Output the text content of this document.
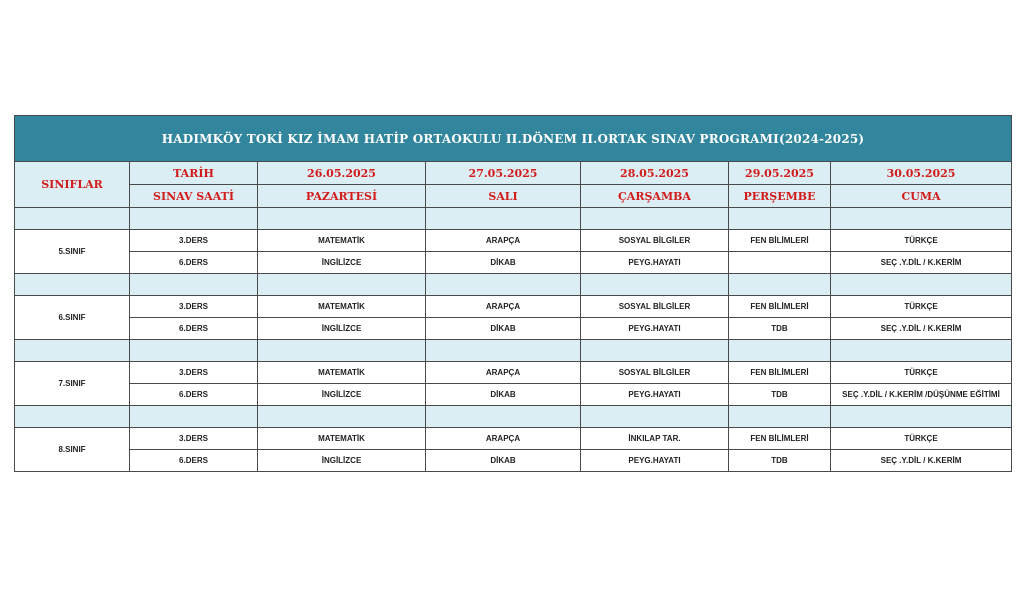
HADIMKÖY TOKİ KIZ İMAM HATİP ORTAOKULU II.DÖNEM II.ORTAK SINAV PROGRAMI(2024-2025)						
SINIFLAR	TARİH	26.05.2025	27.05.2025	28.05.2025	29.05.2025	30.05.2025
	SINAV SAATİ	PAZARTESİ	SALI	ÇARŞAMBA	PERŞEMBE	CUMA

5.SINIF	3.DERS	MATEMATİK	ARAPÇA	SOSYAL BİLGİLER	FEN BİLİMLERİ	TÜRKÇE
	6.DERS	İNGİLİZCE	DİKAB	PEYG.HAYATI		SEÇ .Y.DİL / K.KERİM

6.SINIF	3.DERS	MATEMATİK	ARAPÇA	SOSYAL BİLGİLER	FEN BİLİMLERİ	TÜRKÇE
	6.DERS	İNGİLİZCE	DİKAB	PEYG.HAYATI	TDB	SEÇ .Y.DİL / K.KERİM

7.SINIF	3.DERS	MATEMATİK	ARAPÇA	SOSYAL BİLGİLER	FEN BİLİMLERİ	TÜRKÇE
	6.DERS	İNGİLİZCE	DİKAB	PEYG.HAYATI	TDB	SEÇ .Y.DİL / K.KERİM /DÜŞÜNME EĞİTİMİ

8.SINIF	3.DERS	MATEMATİK	ARAPÇA	İNKILAP TAR.	FEN BİLİMLERİ	TÜRKÇE
	6.DERS	İNGİLİZCE	DİKAB	PEYG.HAYATI	TDB	SEÇ .Y.DİL / K.KERİM
